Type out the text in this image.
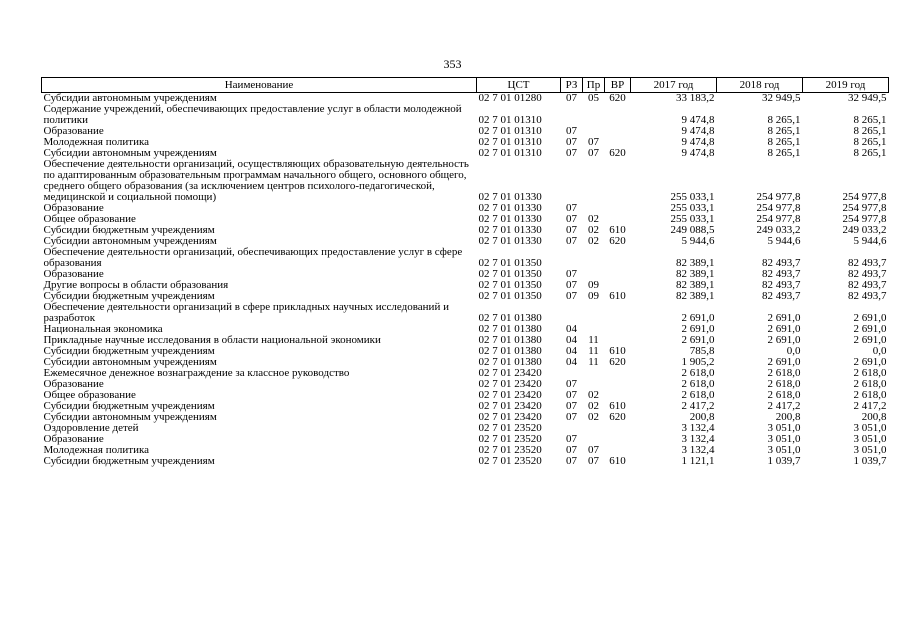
353
Наименование	ЦСТ	РЗ	Пр	ВР	2017 год	2018 год	2019 год
Субсидии автономным учреждениям	02 7 01 01280	07	05	620	33 183,2	32 949,5	32 949,5
Содержание учреждений, обеспечивающих предоставление услуг в области молодежной политики	02 7 01 01310				9 474,8	8 265,1	8 265,1
Образование	02 7 01 01310	07			9 474,8	8 265,1	8 265,1
Молодежная политика	02 7 01 01310	07	07		9 474,8	8 265,1	8 265,1
Субсидии автономным учреждениям	02 7 01 01310	07	07	620	9 474,8	8 265,1	8 265,1
Обеспечение деятельности организаций, осуществляющих образовательную деятельность по адаптированным образовательным программам начального общего, основного общего, среднего общего образования (за исключением центров психолого-педагогической, медицинской и социальной помощи)	02 7 01 01330				255 033,1	254 977,8	254 977,8
Образование	02 7 01 01330	07			255 033,1	254 977,8	254 977,8
Общее образование	02 7 01 01330	07	02		255 033,1	254 977,8	254 977,8
Субсидии бюджетным учреждениям	02 7 01 01330	07	02	610	249 088,5	249 033,2	249 033,2
Субсидии автономным учреждениям	02 7 01 01330	07	02	620	5 944,6	5 944,6	5 944,6
Обеспечение деятельности организаций, обеспечивающих предоставление услуг в сфере образования	02 7 01 01350				82 389,1	82 493,7	82 493,7
Образование	02 7 01 01350	07			82 389,1	82 493,7	82 493,7
Другие вопросы в области образования	02 7 01 01350	07	09		82 389,1	82 493,7	82 493,7
Субсидии бюджетным учреждениям	02 7 01 01350	07	09	610	82 389,1	82 493,7	82 493,7
Обеспечение деятельности организаций в сфере прикладных научных исследований и разработок	02 7 01 01380				2 691,0	2 691,0	2 691,0
Национальная экономика	02 7 01 01380	04			2 691,0	2 691,0	2 691,0
Прикладные научные исследования в области национальной экономики	02 7 01 01380	04	11		2 691,0	2 691,0	2 691,0
Субсидии бюджетным учреждениям	02 7 01 01380	04	11	610	785,8	0,0	0,0
Субсидии автономным учреждениям	02 7 01 01380	04	11	620	1 905,2	2 691,0	2 691,0
Ежемесячное денежное вознаграждение за классное руководство	02 7 01 23420				2 618,0	2 618,0	2 618,0
Образование	02 7 01 23420	07			2 618,0	2 618,0	2 618,0
Общее образование	02 7 01 23420	07	02		2 618,0	2 618,0	2 618,0
Субсидии бюджетным учреждениям	02 7 01 23420	07	02	610	2 417,2	2 417,2	2 417,2
Субсидии автономным учреждениям	02 7 01 23420	07	02	620	200,8	200,8	200,8
Оздоровление детей	02 7 01 23520				3 132,4	3 051,0	3 051,0
Образование	02 7 01 23520	07			3 132,4	3 051,0	3 051,0
Молодежная политика	02 7 01 23520	07	07		3 132,4	3 051,0	3 051,0
Субсидии бюджетным учреждениям	02 7 01 23520	07	07	610	1 121,1	1 039,7	1 039,7
